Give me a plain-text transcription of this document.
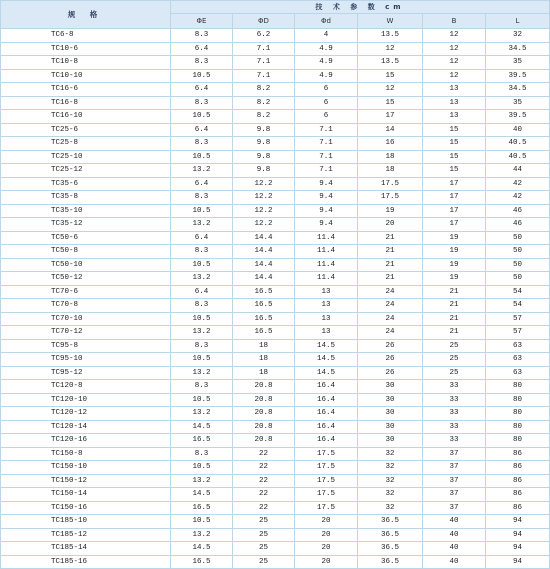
规 格	技 术 参 数 cm					
	ΦE	ΦD	Φd	W	B	L
TC6-8	8.3	6.2	4	13.5	12	32
TC10-6	6.4	7.1	4.9	12	12	34.5
TC10-8	8.3	7.1	4.9	13.5	12	35
TC10-10	10.5	7.1	4.9	15	12	39.5
TC16-6	6.4	8.2	6	12	13	34.5
TC16-8	8.3	8.2	6	15	13	35
TC16-10	10.5	8.2	6	17	13	39.5
TC25-6	6.4	9.8	7.1	14	15	40
TC25-8	8.3	9.8	7.1	16	15	40.5
TC25-10	10.5	9.8	7.1	18	15	40.5
TC25-12	13.2	9.8	7.1	18	15	44
TC35-6	6.4	12.2	9.4	17.5	17	42
TC35-8	8.3	12.2	9.4	17.5	17	42
TC35-10	10.5	12.2	9.4	19	17	46
TC35-12	13.2	12.2	9.4	20	17	46
TC50-6	6.4	14.4	11.4	21	19	50
TC50-8	8.3	14.4	11.4	21	19	50
TC50-10	10.5	14.4	11.4	21	19	50
TC50-12	13.2	14.4	11.4	21	19	50
TC70-6	6.4	16.5	13	24	21	54
TC70-8	8.3	16.5	13	24	21	54
TC70-10	10.5	16.5	13	24	21	57
TC70-12	13.2	16.5	13	24	21	57
TC95-8	8.3	18	14.5	26	25	63
TC95-10	10.5	18	14.5	26	25	63
TC95-12	13.2	18	14.5	26	25	63
TC120-8	8.3	20.8	16.4	30	33	80
TC120-10	10.5	20.8	16.4	30	33	80
TC120-12	13.2	20.8	16.4	30	33	80
TC120-14	14.5	20.8	16.4	30	33	80
TC120-16	16.5	20.8	16.4	30	33	80
TC150-8	8.3	22	17.5	32	37	86
TC150-10	10.5	22	17.5	32	37	86
TC150-12	13.2	22	17.5	32	37	86
TC150-14	14.5	22	17.5	32	37	86
TC150-16	16.5	22	17.5	32	37	86
TC185-10	10.5	25	20	36.5	40	94
TC185-12	13.2	25	20	36.5	40	94
TC185-14	14.5	25	20	36.5	40	94
TC185-16	16.5	25	20	36.5	40	94
